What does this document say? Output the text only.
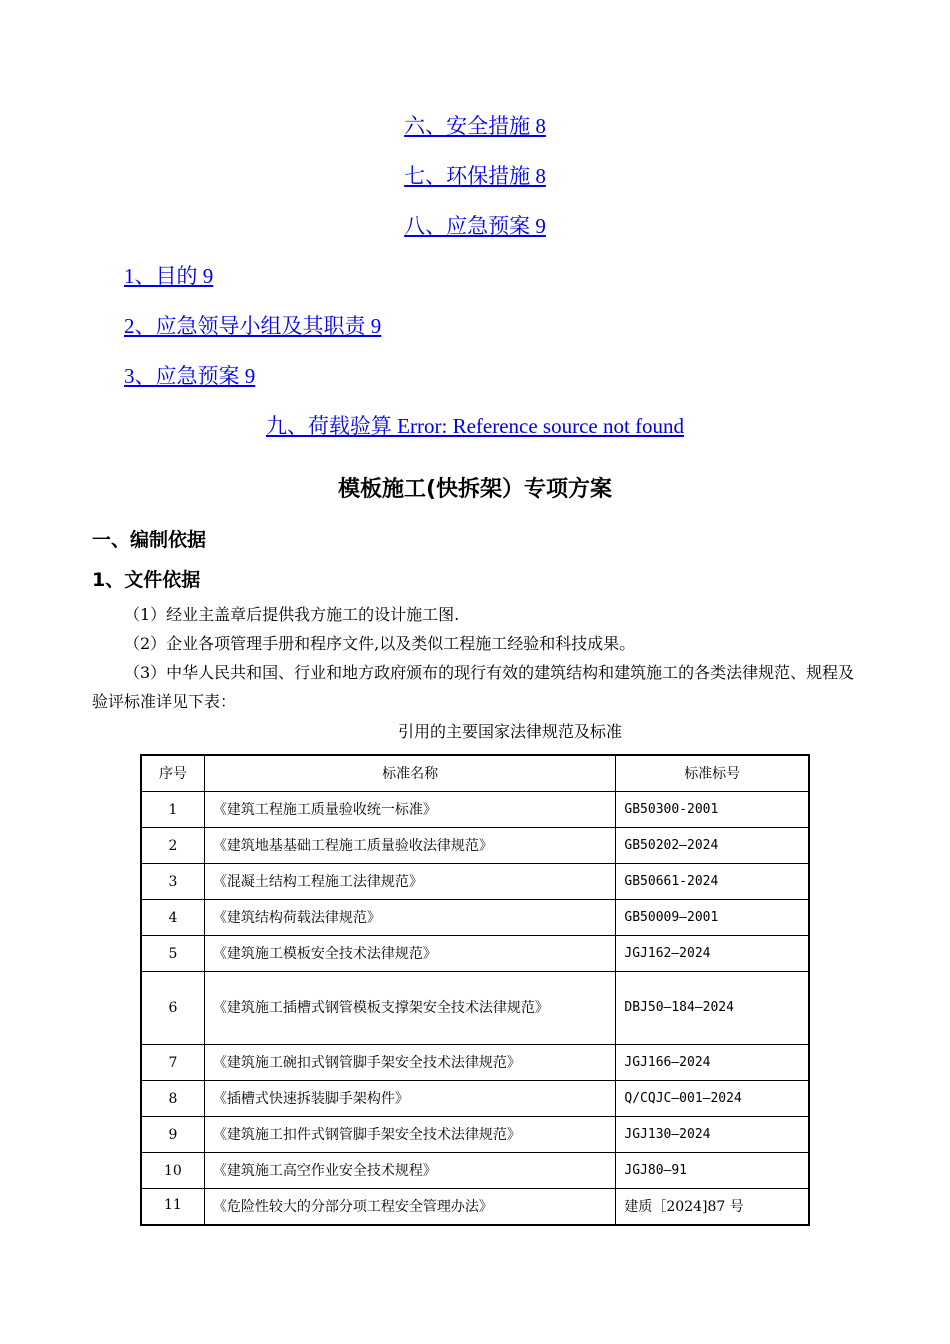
六、安全措施 8
七、环保措施 8
八、应急预案 9
1、目的 9
2、应急领导小组及其职责 9
3、应急预案 9
九、荷载验算 Error: Reference source not found
模板施工(快拆架）专项方案
一、编制依据
1、文件依据
（1）经业主盖章后提供我方施工的设计施工图.
（2）企业各项管理手册和程序文件,以及类似工程施工经验和科技成果。
（3）中华人民共和国、行业和地方政府颁布的现行有效的建筑结构和建筑施工的各类法律规范、规程及验评标准详见下表：
引用的主要国家法律规范及标准
序号	标准名称	标准标号
1	《建筑工程施工质量验收统一标准》	GB50300-2001
2	《建筑地基基础工程施工质量验收法律规范》	GB50202—2024
3	《混凝土结构工程施工法律规范》	GB50661-2024
4	《建筑结构荷载法律规范》	GB50009—2001
5	《建筑施工模板安全技术法律规范》	JGJ162—2024
6	《建筑施工插槽式钢管模板支撑架安全技术法律规范》	DBJ50—184—2024
7	《建筑施工碗扣式钢管脚手架安全技术法律规范》	JGJ166—2024
8	《插槽式快速拆装脚手架构件》	Q/CQJC—001—2024
9	《建筑施工扣件式钢管脚手架安全技术法律规范》	JGJ130—2024
10	《建筑施工高空作业安全技术规程》	JGJ80—91
11	《危险性较大的分部分项工程安全管理办法》	建质［2024]87 号
